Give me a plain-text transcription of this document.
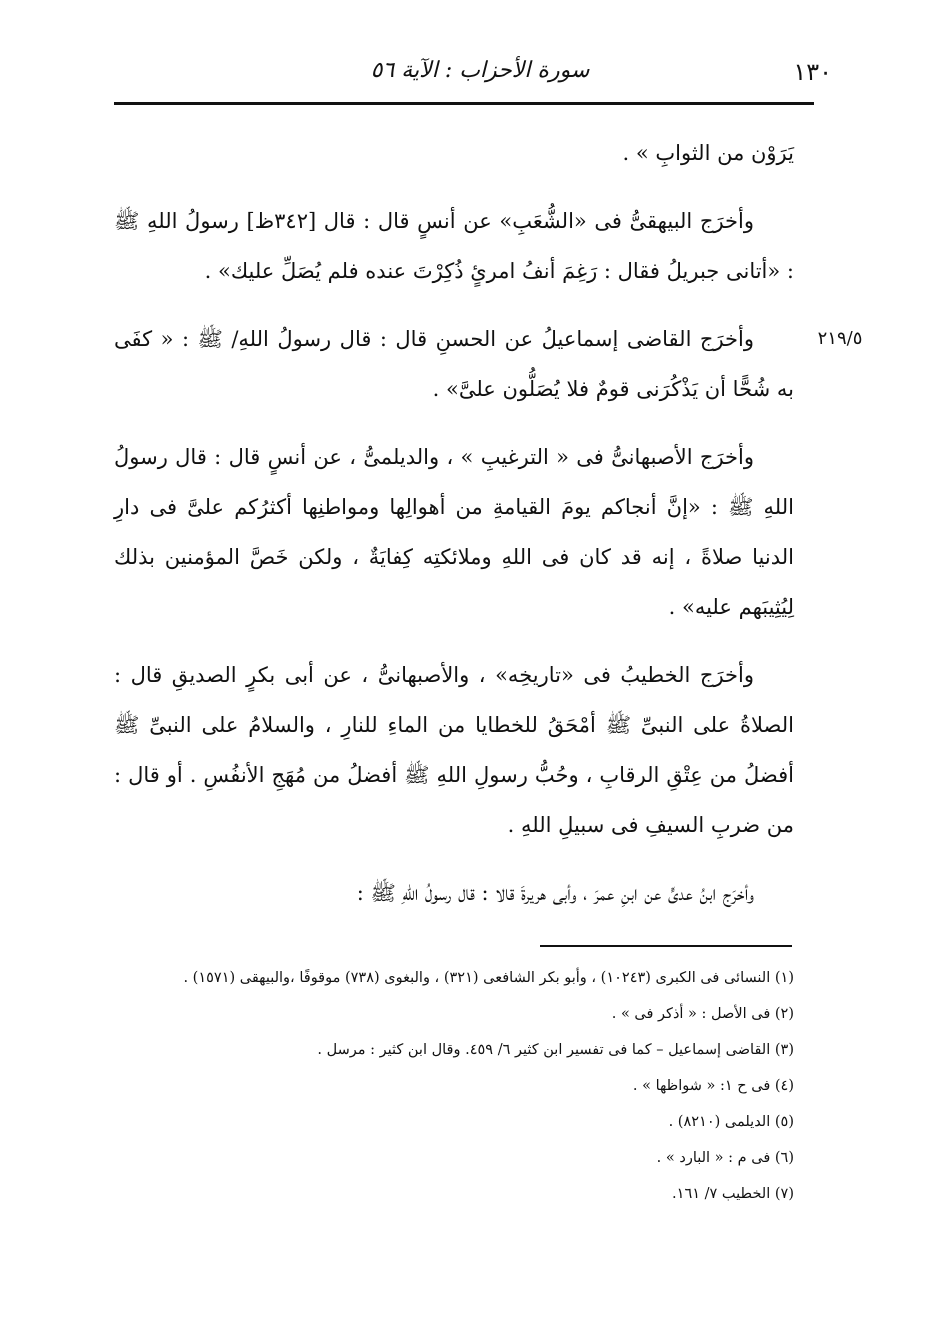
١٣٠
سورة الأحزاب : الآية ٥٦
٢١٩/٥

يَرَوْن من الثوابِ » .

وأخرَج البيهقىُّ فى «الشُّعَبِ» عن أنسٍ قال : قال [٣٤٢ظ] رسولُ اللهِ ﷺ : «أتانى جبريلُ فقال : رَغِمَ أنفُ امرئٍ ذُكِرْتَ عنده فلم يُصَلِّ عليك» .

وأخرَج القاضى إسماعيلُ عن الحسنِ قال : قال رسولُ اللهِ/ ﷺ : « كفَى به شُحًّا أن يَذْكُرَنى قومٌ فلا يُصَلُّون علىَّ» .

وأخرَج الأصبهانىُّ فى « الترغيبِ » ، والديلمىُّ ، عن أنسٍ قال : قال رسولُ اللهِ ﷺ : «إنَّ أنجاكم يومَ القيامةِ من أهوالِها ومواطنِها أكثرُكم علىَّ فى دارِ الدنيا صلاةً ، إنه قد كان فى اللهِ وملائكتِه كِفايَةٌ ، ولكن خَصَّ المؤمنين بذلك لِيُثِيبَهم عليه» .

وأخرَج الخطيبُ فى «تاريخِه» ، والأصبهانىُّ ، عن أبى بكرٍ الصديقِ قال : الصلاةُ على النبىِّ ﷺ أمْحَقُ للخطايا من الماءِ للنارِ ، والسلامُ على النبىِّ ﷺ أفضلُ من عِتْقِ الرقابِ ، وحُبُّ رسولِ اللهِ ﷺ أفضلُ من مُهَجِ الأنفُسِ . أو قال : من ضربِ السيفِ فى سبيلِ اللهِ .

وأخرَج ابنُ عدىٍّ عن ابنِ عمرَ ، وأبى هريرةَ قالا : قال رسولُ اللهِ ﷺ :

(١) النسائى فى الكبرى (١٠٢٤٣) ، وأبو بكر الشافعى (٣٢١) ، والبغوى (٧٣٨) موقوفًا ،والبيهقى (١٥٧١) .
(٢) فى الأصل : « أذكر فى » .
(٣) القاضى إسماعيل – كما فى تفسير ابن كثير ٦/ ٤٥٩. وقال ابن كثير : مرسل .
(٤) فى ح ١: « شواظها » .
(٥) الديلمى (٨٢١٠) .
(٦) فى م : « البارد » .
(٧) الخطيب ٧/ ١٦١.
